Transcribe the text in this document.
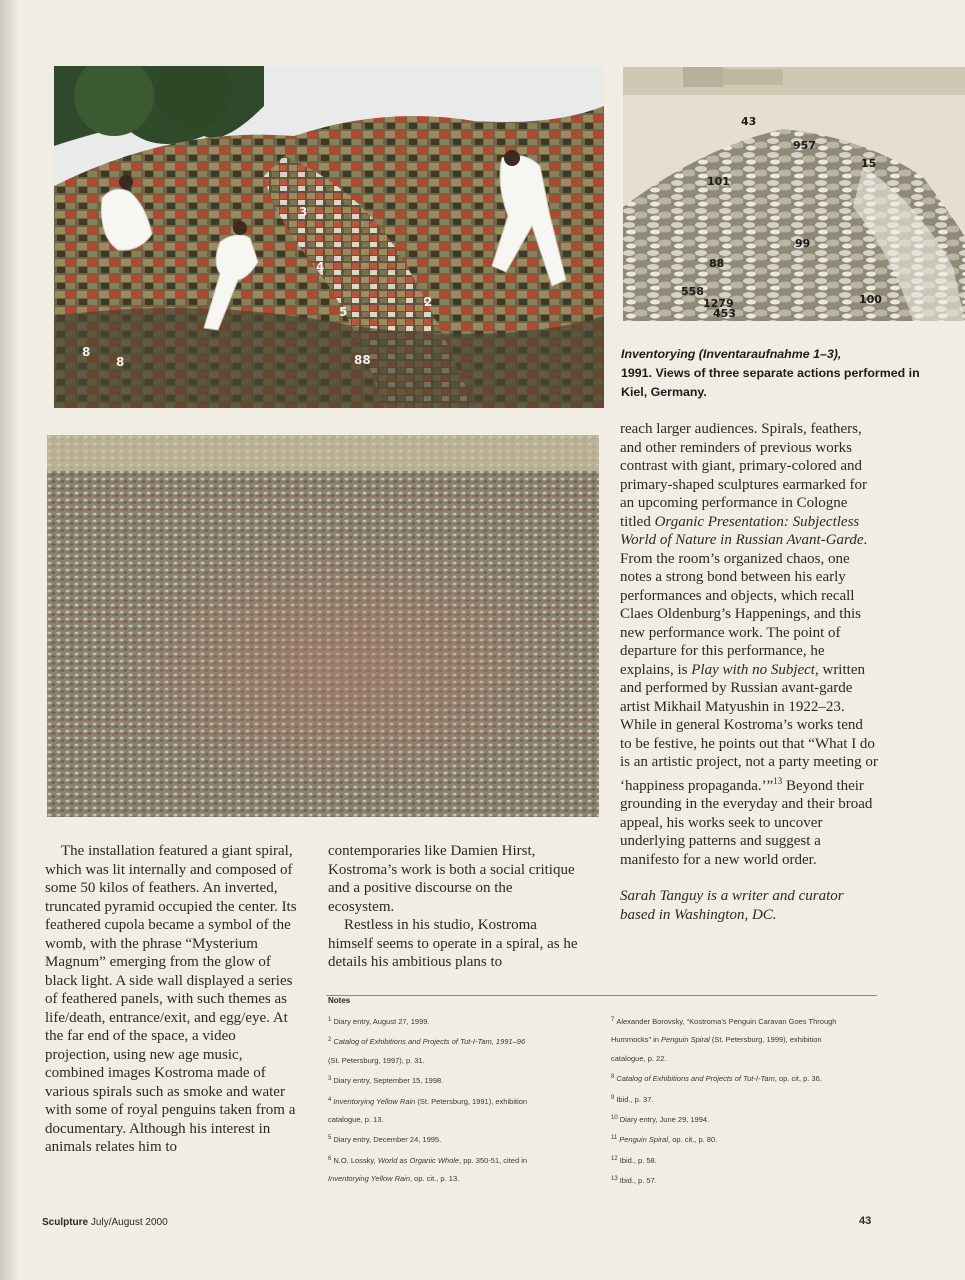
8
8
3
4
5
88
2
101
99
88
957
15
558
1279	100
453
43
Inventorying (Inventaraufnahme 1–3),
1991. Views of three separate actions performed in Kiel, Germany.

The installation featured a giant spiral, which was lit internally and composed of some 50 kilos of feathers. An inverted, truncated pyramid occupied the center. Its feathered cupola became a symbol of the womb, with the phrase “Mysterium Magnum” emerging from the glow of black light. A side wall displayed a series of feathered panels, with such themes as life/death, entrance/exit, and egg/eye. At the far end of the space, a video projection, using new age music, combined images Kostroma made of various spirals such as smoke and water with some of royal penguins taken from a documentary. Although his interest in animals relates him to

contemporaries like Damien Hirst, Kostroma’s work is both a social critique and a positive discourse on the ecosystem.

Restless in his studio, Kostroma himself seems to operate in a spiral, as he details his ambitious plans to

reach larger audiences. Spirals, feathers, and other reminders of previous works contrast with giant, primary-colored and primary-shaped sculptures earmarked for an upcoming performance in Cologne titled Organic Presentation: Subjectless World of Nature in Russian Avant-Garde. From the room’s organized chaos, one notes a strong bond between his early performances and objects, which recall Claes Oldenburg’s Happenings, and this new performance work. The point of departure for this performance, he explains, is Play with no Subject, written and performed by Russian avant-garde artist Mikhail Matyushin in 1922–23. While in general Kostroma’s works tend to be festive, he points out that “What I do is an artistic project, not a party meeting or ‘happiness propaganda.’”$^{13}$ Beyond their grounding in the everyday and their broad appeal, his works seek to uncover underlying patterns and suggest a manifesto for a new world order.

Sarah Tanguy is a writer and curator based in Washington, DC.

Notes
$^1$ Diary entry, August 27, 1999.
$^2$ Catalog of Exhibitions and Projects of Tut-I-Tam, 1991–96
(St. Petersburg, 1997), p. 31.
$^3$ Diary entry, September 15, 1998.
$^4$ Inventorying Yellow Rain (St. Petersburg, 1991), exhibition
catalogue, p. 13.
$^5$ Diary entry, December 24, 1995.
$^6$ N.O. Lossky, World as Organic Whole, pp. 350-51, cited in
Inventorying Yellow Rain, op. cit., p. 13.
$^7$ Alexander Borovsky, “Kostroma’s Penguin Caravan Goes Through
Hummocks” in Penguin Spiral (St. Petersburg, 1999), exhibition
catalogue, p. 22.
$^8$ Catalog of Exhibitions and Projects of Tut-I-Tam, op. cit, p. 36.
$^9$ Ibid., p. 37.
$^{10}$ Diary entry, June 29, 1994.
$^{11}$ Penguin Spiral, op. cit., p. 80.
$^{12}$ Ibid., p. 58.
$^{13}$ Ibid., p. 57.
Sculpture July/August 2000	43
